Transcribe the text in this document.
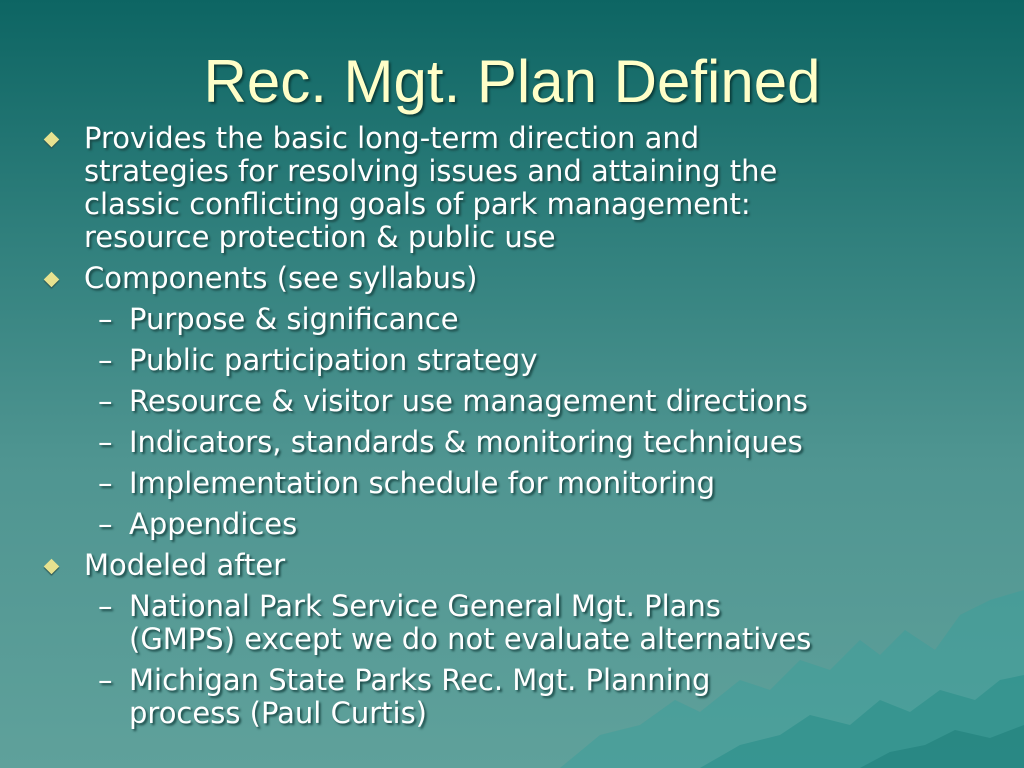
Rec. Mgt. Plan Defined
Provides the basic long-term direction and
strategies for resolving issues and attaining the
classic conflicting goals of park management:
resource protection & public use
Components (see syllabus)
– Purpose & significance
– Public participation strategy
– Resource & visitor use management directions
– Indicators, standards & monitoring techniques
– Implementation schedule for monitoring
– Appendices
Modeled after
– National Park Service General Mgt. Plans
(GMPS) except we do not evaluate alternatives
– Michigan State Parks Rec. Mgt. Planning
process (Paul Curtis)
